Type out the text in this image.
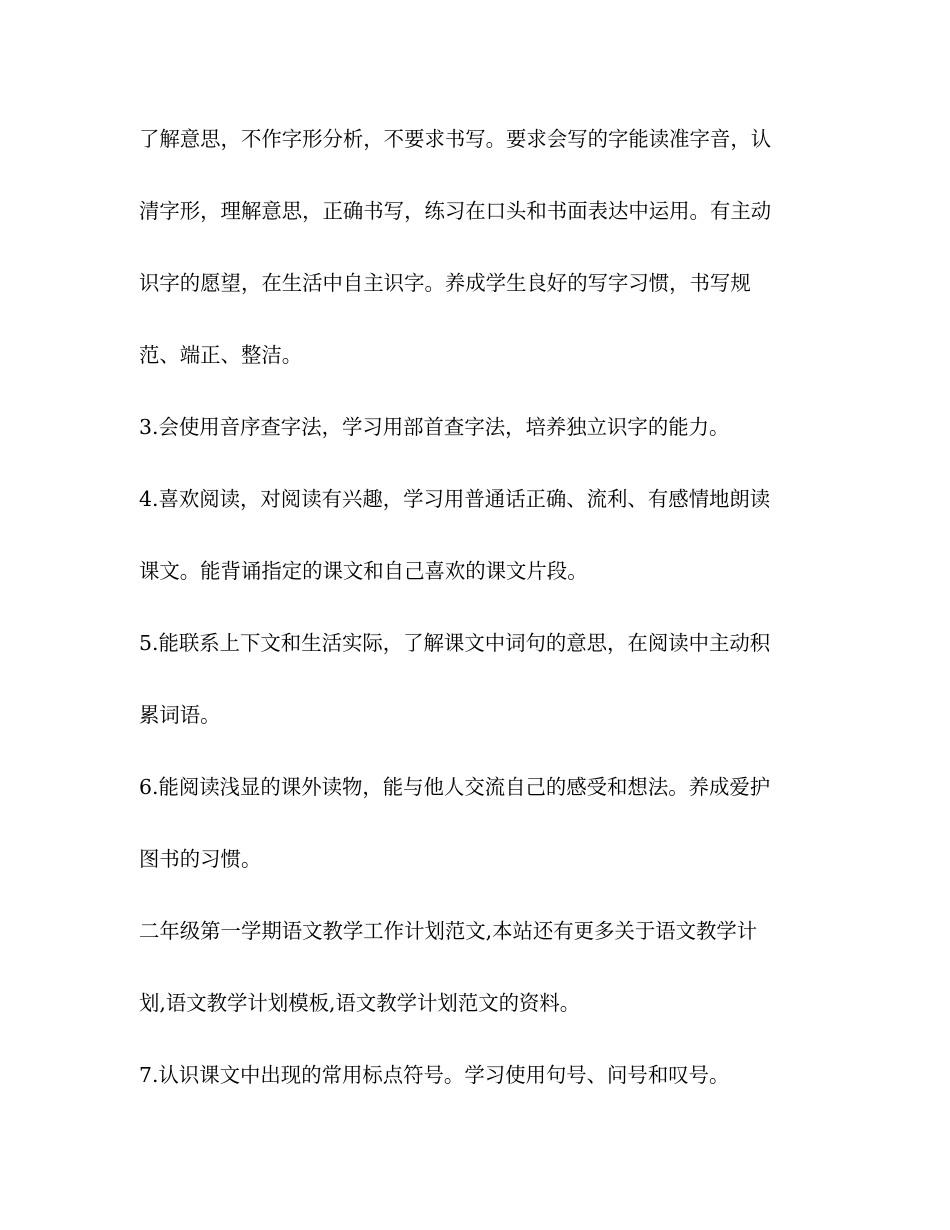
了解意思，不作字形分析，不要求书写。要求会写的字能读准字音，认
清字形，理解意思，正确书写，练习在口头和书面表达中运用。有主动
识字的愿望，在生活中自主识字。养成学生良好的写字习惯，书写规
范、端正、整洁。
3.会使用音序查字法，学习用部首查字法，培养独立识字的能力。
4.喜欢阅读，对阅读有兴趣，学习用普通话正确、流利、有感情地朗读
课文。能背诵指定的课文和自己喜欢的课文片段。
5.能联系上下文和生活实际，了解课文中词句的意思，在阅读中主动积
累词语。
6.能阅读浅显的课外读物，能与他人交流自己的感受和想法。养成爱护
图书的习惯。
二年级第一学期语文教学工作计划范文,本站还有更多关于语文教学计
划,语文教学计划模板,语文教学计划范文的资料。
7.认识课文中出现的常用标点符号。学习使用句号、问号和叹号。
